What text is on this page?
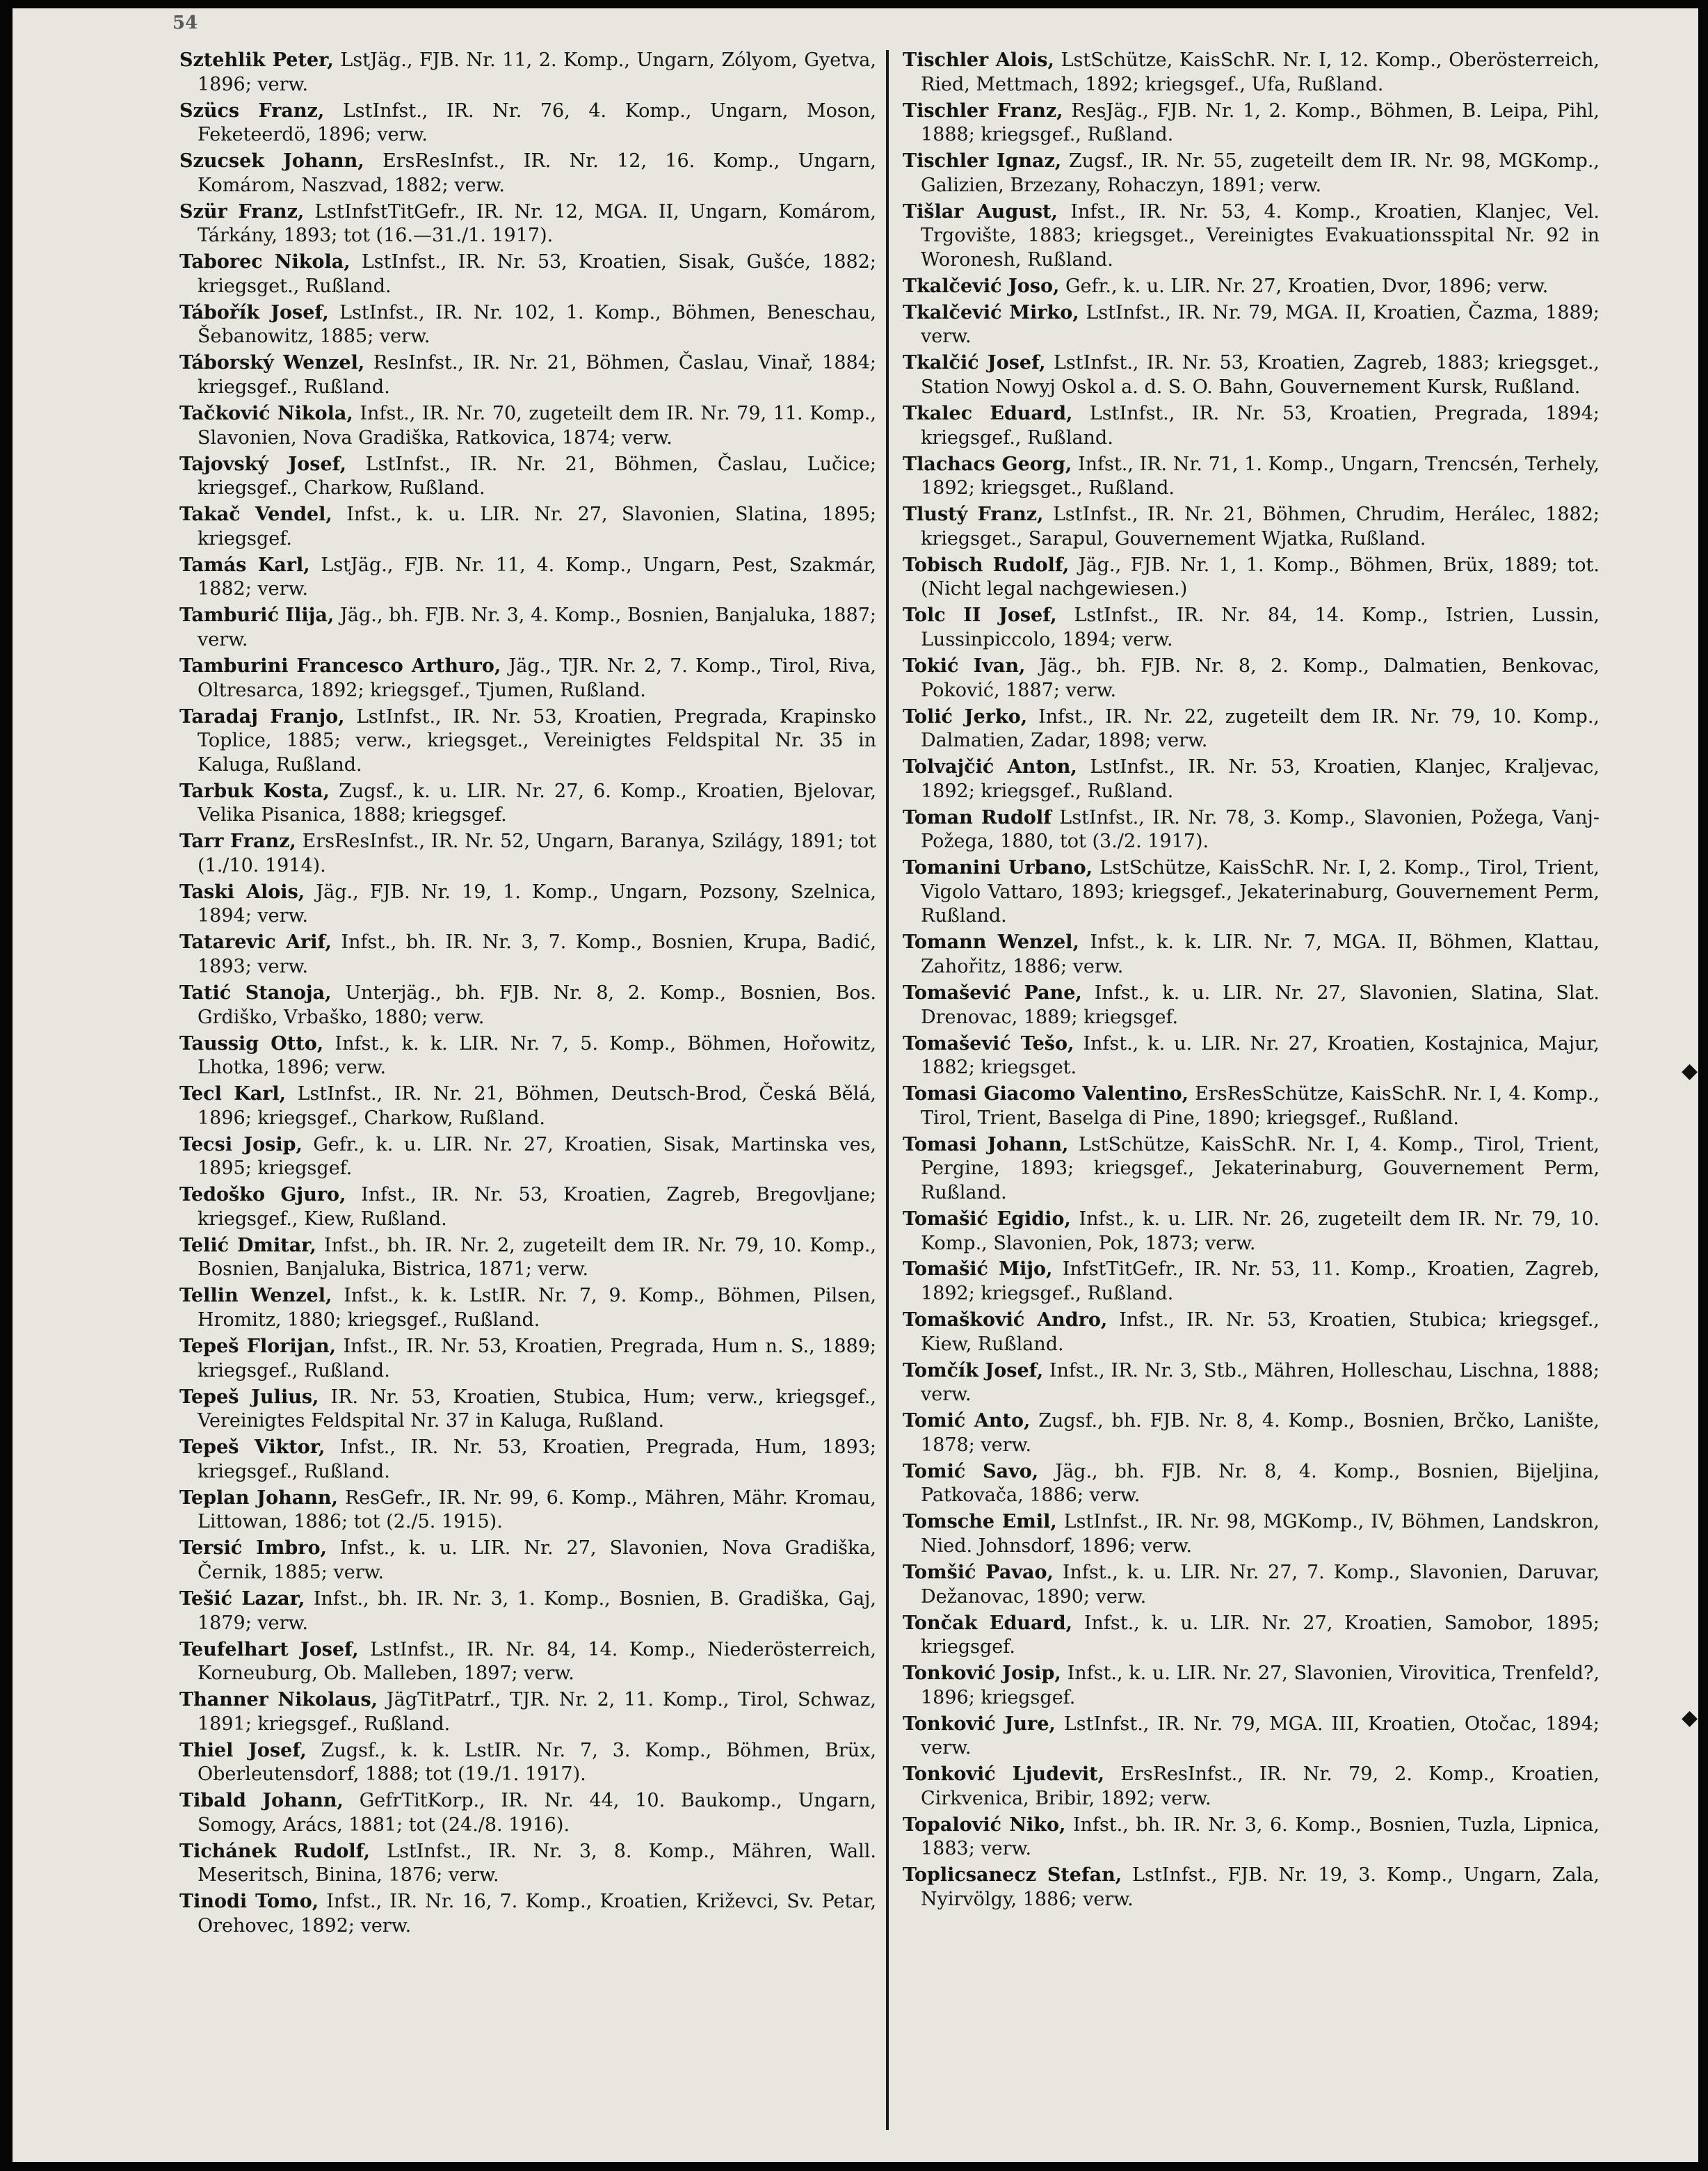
54
Sztehlik Peter, LstJäg., FJB. Nr. 11, 2. Komp., Ungarn, Zólyom, Gyetva, 1896; verw.
Szücs Franz, LstInfst., IR. Nr. 76, 4. Komp., Ungarn, Moson, Feketeerdö, 1896; verw.
Szucsek Johann, ErsResInfst., IR. Nr. 12, 16. Komp., Ungarn, Komárom, Naszvad, 1882; verw.
Szür Franz, LstInfstTitGefr., IR. Nr. 12, MGA. II, Ungarn, Komárom, Tárkány, 1893; tot (16.—31./1. 1917).
Taborec Nikola, LstInfst., IR. Nr. 53, Kroatien, Sisak, Gušće, 1882; kriegsget., Rußland.
Tábořík Josef, LstInfst., IR. Nr. 102, 1. Komp., Böhmen, Beneschau, Šebanowitz, 1885; verw.
Táborský Wenzel, ResInfst., IR. Nr. 21, Böhmen, Časlau, Vinař, 1884; kriegsgef., Rußland.
Tačković Nikola, Infst., IR. Nr. 70, zugeteilt dem IR. Nr. 79, 11. Komp., Slavonien, Nova Gradiška, Ratkovica, 1874; verw.
Tajovský Josef, LstInfst., IR. Nr. 21, Böhmen, Časlau, Lučice; kriegsgef., Charkow, Rußland.
Takač Vendel, Infst., k. u. LIR. Nr. 27, Slavonien, Slatina, 1895; kriegsgef.
Tamás Karl, LstJäg., FJB. Nr. 11, 4. Komp., Ungarn, Pest, Szakmár, 1882; verw.
Tamburić Ilija, Jäg., bh. FJB. Nr. 3, 4. Komp., Bosnien, Banjaluka, 1887; verw.
Tamburini Francesco Arthuro, Jäg., TJR. Nr. 2, 7. Komp., Tirol, Riva, Oltresarca, 1892; kriegsgef., Tjumen, Rußland.
Taradaj Franjo, LstInfst., IR. Nr. 53, Kroatien, Pregrada, Krapinsko Toplice, 1885; verw., kriegsget., Vereinigtes Feldspital Nr. 35 in Kaluga, Rußland.
Tarbuk Kosta, Zugsf., k. u. LIR. Nr. 27, 6. Komp., Kroatien, Bjelovar, Velika Pisanica, 1888; kriegsgef.
Tarr Franz, ErsResInfst., IR. Nr. 52, Ungarn, Baranya, Szilágy, 1891; tot (1./10. 1914).
Taski Alois, Jäg., FJB. Nr. 19, 1. Komp., Ungarn, Pozsony, Szelnica, 1894; verw.
Tatarevic Arif, Infst., bh. IR. Nr. 3, 7. Komp., Bosnien, Krupa, Badić, 1893; verw.
Tatić Stanoja, Unterjäg., bh. FJB. Nr. 8, 2. Komp., Bosnien, Bos. Grdiško, Vrbaško, 1880; verw.
Taussig Otto, Infst., k. k. LIR. Nr. 7, 5. Komp., Böhmen, Hořowitz, Lhotka, 1896; verw.
Tecl Karl, LstInfst., IR. Nr. 21, Böhmen, Deutsch-Brod, Česká Bělá, 1896; kriegsgef., Charkow, Rußland.
Tecsi Josip, Gefr., k. u. LIR. Nr. 27, Kroatien, Sisak, Martinska ves, 1895; kriegsgef.
Tedoško Gjuro, Infst., IR. Nr. 53, Kroatien, Zagreb, Bregovljane; kriegsgef., Kiew, Rußland.
Telić Dmitar, Infst., bh. IR. Nr. 2, zugeteilt dem IR. Nr. 79, 10. Komp., Bosnien, Banjaluka, Bistrica, 1871; verw.
Tellin Wenzel, Infst., k. k. LstIR. Nr. 7, 9. Komp., Böhmen, Pilsen, Hromitz, 1880; kriegsgef., Rußland.
Tepeš Florijan, Infst., IR. Nr. 53, Kroatien, Pregrada, Hum n. S., 1889; kriegsgef., Rußland.
Tepeš Julius, IR. Nr. 53, Kroatien, Stubica, Hum; verw., kriegsgef., Vereinigtes Feldspital Nr. 37 in Kaluga, Rußland.
Tepeš Viktor, Infst., IR. Nr. 53, Kroatien, Pregrada, Hum, 1893; kriegsgef., Rußland.
Teplan Johann, ResGefr., IR. Nr. 99, 6. Komp., Mähren, Mähr. Kromau, Littowan, 1886; tot (2./5. 1915).
Tersić Imbro, Infst., k. u. LIR. Nr. 27, Slavonien, Nova Gradiška, Černik, 1885; verw.
Tešić Lazar, Infst., bh. IR. Nr. 3, 1. Komp., Bosnien, B. Gradiška, Gaj, 1879; verw.
Teufelhart Josef, LstInfst., IR. Nr. 84, 14. Komp., Niederösterreich, Korneuburg, Ob. Malleben, 1897; verw.
Thanner Nikolaus, JägTitPatrf., TJR. Nr. 2, 11. Komp., Tirol, Schwaz, 1891; kriegsgef., Rußland.
Thiel Josef, Zugsf., k. k. LstIR. Nr. 7, 3. Komp., Böhmen, Brüx, Oberleutensdorf, 1888; tot (19./1. 1917).
Tibald Johann, GefrTitKorp., IR. Nr. 44, 10. Baukomp., Ungarn, Somogy, Arács, 1881; tot (24./8. 1916).
Tichánek Rudolf, LstInfst., IR. Nr. 3, 8. Komp., Mähren, Wall. Meseritsch, Binina, 1876; verw.
Tinodi Tomo, Infst., IR. Nr. 16, 7. Komp., Kroatien, Križevci, Sv. Petar, Orehovec, 1892; verw.
Tischler Alois, LstSchütze, KaisSchR. Nr. I, 12. Komp., Oberösterreich, Ried, Mettmach, 1892; kriegsgef., Ufa, Rußland.
Tischler Franz, ResJäg., FJB. Nr. 1, 2. Komp., Böhmen, B. Leipa, Pihl, 1888; kriegsgef., Rußland.
Tischler Ignaz, Zugsf., IR. Nr. 55, zugeteilt dem IR. Nr. 98, MGKomp., Galizien, Brzezany, Rohaczyn, 1891; verw.
Tišlar August, Infst., IR. Nr. 53, 4. Komp., Kroatien, Klanjec, Vel. Trgovište, 1883; kriegsget., Vereinigtes Evakuationsspital Nr. 92 in Woronesh, Rußland.
Tkalčević Joso, Gefr., k. u. LIR. Nr. 27, Kroatien, Dvor, 1896; verw.
Tkalčević Mirko, LstInfst., IR. Nr. 79, MGA. II, Kroatien, Čazma, 1889; verw.
Tkalčić Josef, LstInfst., IR. Nr. 53, Kroatien, Zagreb, 1883; kriegsget., Station Nowyj Oskol a. d. S. O. Bahn, Gouvernement Kursk, Rußland.
Tkalec Eduard, LstInfst., IR. Nr. 53, Kroatien, Pregrada, 1894; kriegsgef., Rußland.
Tlachacs Georg, Infst., IR. Nr. 71, 1. Komp., Ungarn, Trencsén, Terhely, 1892; kriegsget., Rußland.
Tlustý Franz, LstInfst., IR. Nr. 21, Böhmen, Chrudim, Herálec, 1882; kriegsget., Sarapul, Gouvernement Wjatka, Rußland.
Tobisch Rudolf, Jäg., FJB. Nr. 1, 1. Komp., Böhmen, Brüx, 1889; tot. (Nicht legal nachgewiesen.)
Tolc II Josef, LstInfst., IR. Nr. 84, 14. Komp., Istrien, Lussin, Lussinpiccolo, 1894; verw.
Tokić Ivan, Jäg., bh. FJB. Nr. 8, 2. Komp., Dalmatien, Benkovac, Poković, 1887; verw.
Tolić Jerko, Infst., IR. Nr. 22, zugeteilt dem IR. Nr. 79, 10. Komp., Dalmatien, Zadar, 1898; verw.
Tolvajčić Anton, LstInfst., IR. Nr. 53, Kroatien, Klanjec, Kraljevac, 1892; kriegsgef., Rußland.
Toman Rudolf LstInfst., IR. Nr. 78, 3. Komp., Slavonien, Požega, Vanj-Požega, 1880, tot (3./2. 1917).
Tomanini Urbano, LstSchütze, KaisSchR. Nr. I, 2. Komp., Tirol, Trient, Vigolo Vattaro, 1893; kriegsgef., Jekaterinaburg, Gouvernement Perm, Rußland.
Tomann Wenzel, Infst., k. k. LIR. Nr. 7, MGA. II, Böhmen, Klattau, Zahořitz, 1886; verw.
Tomašević Pane, Infst., k. u. LIR. Nr. 27, Slavonien, Slatina, Slat. Drenovac, 1889; kriegsgef.
Tomašević Tešo, Infst., k. u. LIR. Nr. 27, Kroatien, Kostajnica, Majur, 1882; kriegsget.
Tomasi Giacomo Valentino, ErsResSchütze, KaisSchR. Nr. I, 4. Komp., Tirol, Trient, Baselga di Pine, 1890; kriegsgef., Rußland.
Tomasi Johann, LstSchütze, KaisSchR. Nr. I, 4. Komp., Tirol, Trient, Pergine, 1893; kriegsgef., Jekaterinaburg, Gouvernement Perm, Rußland.
Tomašić Egidio, Infst., k. u. LIR. Nr. 26, zugeteilt dem IR. Nr. 79, 10. Komp., Slavonien, Pok, 1873; verw.
Tomašić Mijo, InfstTitGefr., IR. Nr. 53, 11. Komp., Kroatien, Zagreb, 1892; kriegsgef., Rußland.
Tomašković Andro, Infst., IR. Nr. 53, Kroatien, Stubica; kriegsgef., Kiew, Rußland.
Tomčík Josef, Infst., IR. Nr. 3, Stb., Mähren, Holleschau, Lischna, 1888; verw.
Tomić Anto, Zugsf., bh. FJB. Nr. 8, 4. Komp., Bosnien, Brčko, Lanište, 1878; verw.
Tomić Savo, Jäg., bh. FJB. Nr. 8, 4. Komp., Bosnien, Bijeljina, Patkovača, 1886; verw.
Tomsche Emil, LstInfst., IR. Nr. 98, MGKomp., IV, Böhmen, Landskron, Nied. Johnsdorf, 1896; verw.
Tomšić Pavao, Infst., k. u. LIR. Nr. 27, 7. Komp., Slavonien, Daruvar, Dežanovac, 1890; verw.
Tončak Eduard, Infst., k. u. LIR. Nr. 27, Kroatien, Samobor, 1895; kriegsgef.
Tonković Josip, Infst., k. u. LIR. Nr. 27, Slavonien, Virovitica, Trenfeld?, 1896; kriegsgef.
Tonković Jure, LstInfst., IR. Nr. 79, MGA. III, Kroatien, Otočac, 1894; verw.
Tonković Ljudevit, ErsResInfst., IR. Nr. 79, 2. Komp., Kroatien, Cirkvenica, Bribir, 1892; verw.
Topalović Niko, Infst., bh. IR. Nr. 3, 6. Komp., Bosnien, Tuzla, Lipnica, 1883; verw.
Toplicsanecz Stefan, LstInfst., FJB. Nr. 19, 3. Komp., Ungarn, Zala, Nyirvölgy, 1886; verw.
◆
◆
